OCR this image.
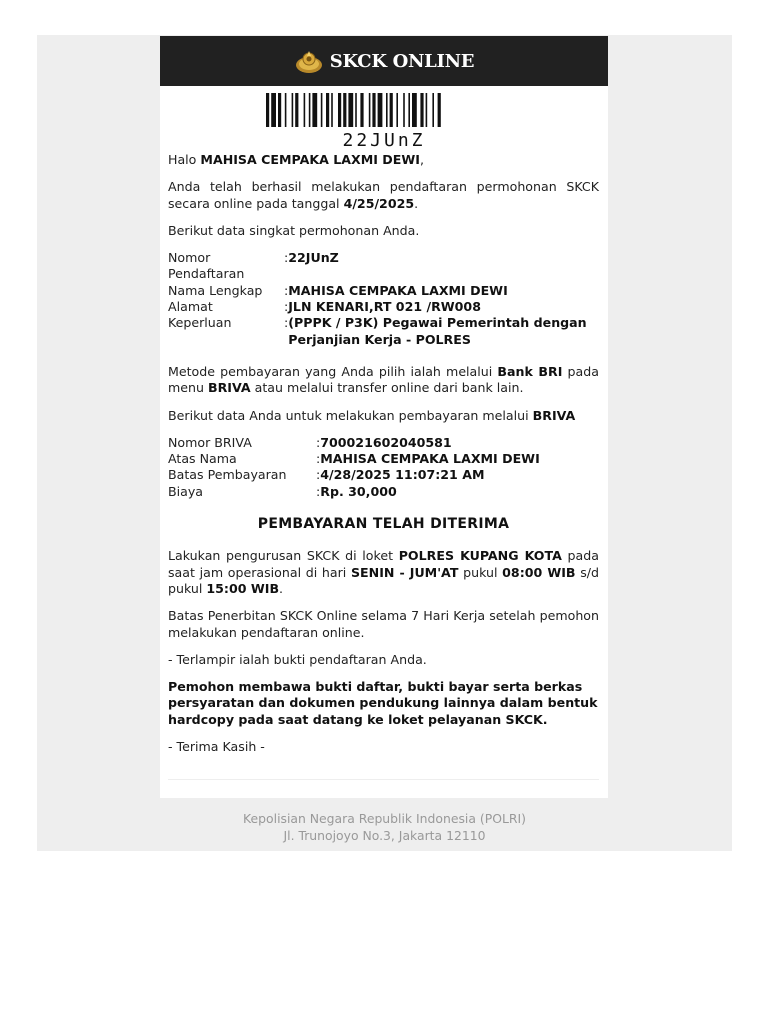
SKCK ONLINE
22JUnZ

Halo MAHISA CEMPAKA LAXMI DEWI,

Anda telah berhasil melakukan pendaftaran permohonan SKCK secara online pada tanggal 4/25/2025.

Berikut data singkat permohonan Anda.

Nomor Pendaftaran	:	22JUnZ
Nama Lengkap	:	MAHISA CEMPAKA LAXMI DEWI
Alamat	:	JLN KENARI,RT 021 /RW008
Keperluan	:	(PPPK / P3K) Pegawai Pemerintah dengan Perjanjian Kerja - POLRES

Metode pembayaran yang Anda pilih ialah melalui Bank BRI pada menu BRIVA atau melalui transfer online dari bank lain.

Berikut data Anda untuk melakukan pembayaran melalui BRIVA

Nomor BRIVA	:	700021602040581
Atas Nama	:	MAHISA CEMPAKA LAXMI DEWI
Batas Pembayaran	:	4/28/2025 11:07:21 AM
Biaya	:	Rp. 30,000
PEMBAYARAN TELAH DITERIMA

Lakukan pengurusan SKCK di loket POLRES KUPANG KOTA pada saat jam operasional di hari SENIN - JUM'AT pukul 08:00 WIB s/d pukul 15:00 WIB.

Batas Penerbitan SKCK Online selama 7 Hari Kerja setelah pemohon melakukan pendaftaran online.

- Terlampir ialah bukti pendaftaran Anda.

Pemohon membawa bukti daftar, bukti bayar serta berkas persyaratan dan dokumen pendukung lainnya dalam bentuk hardcopy pada saat datang ke loket pelayanan SKCK.

- Terima Kasih -

Kepolisian Negara Republik Indonesia (POLRI)
Jl. Trunojoyo No.3, Jakarta 12110
